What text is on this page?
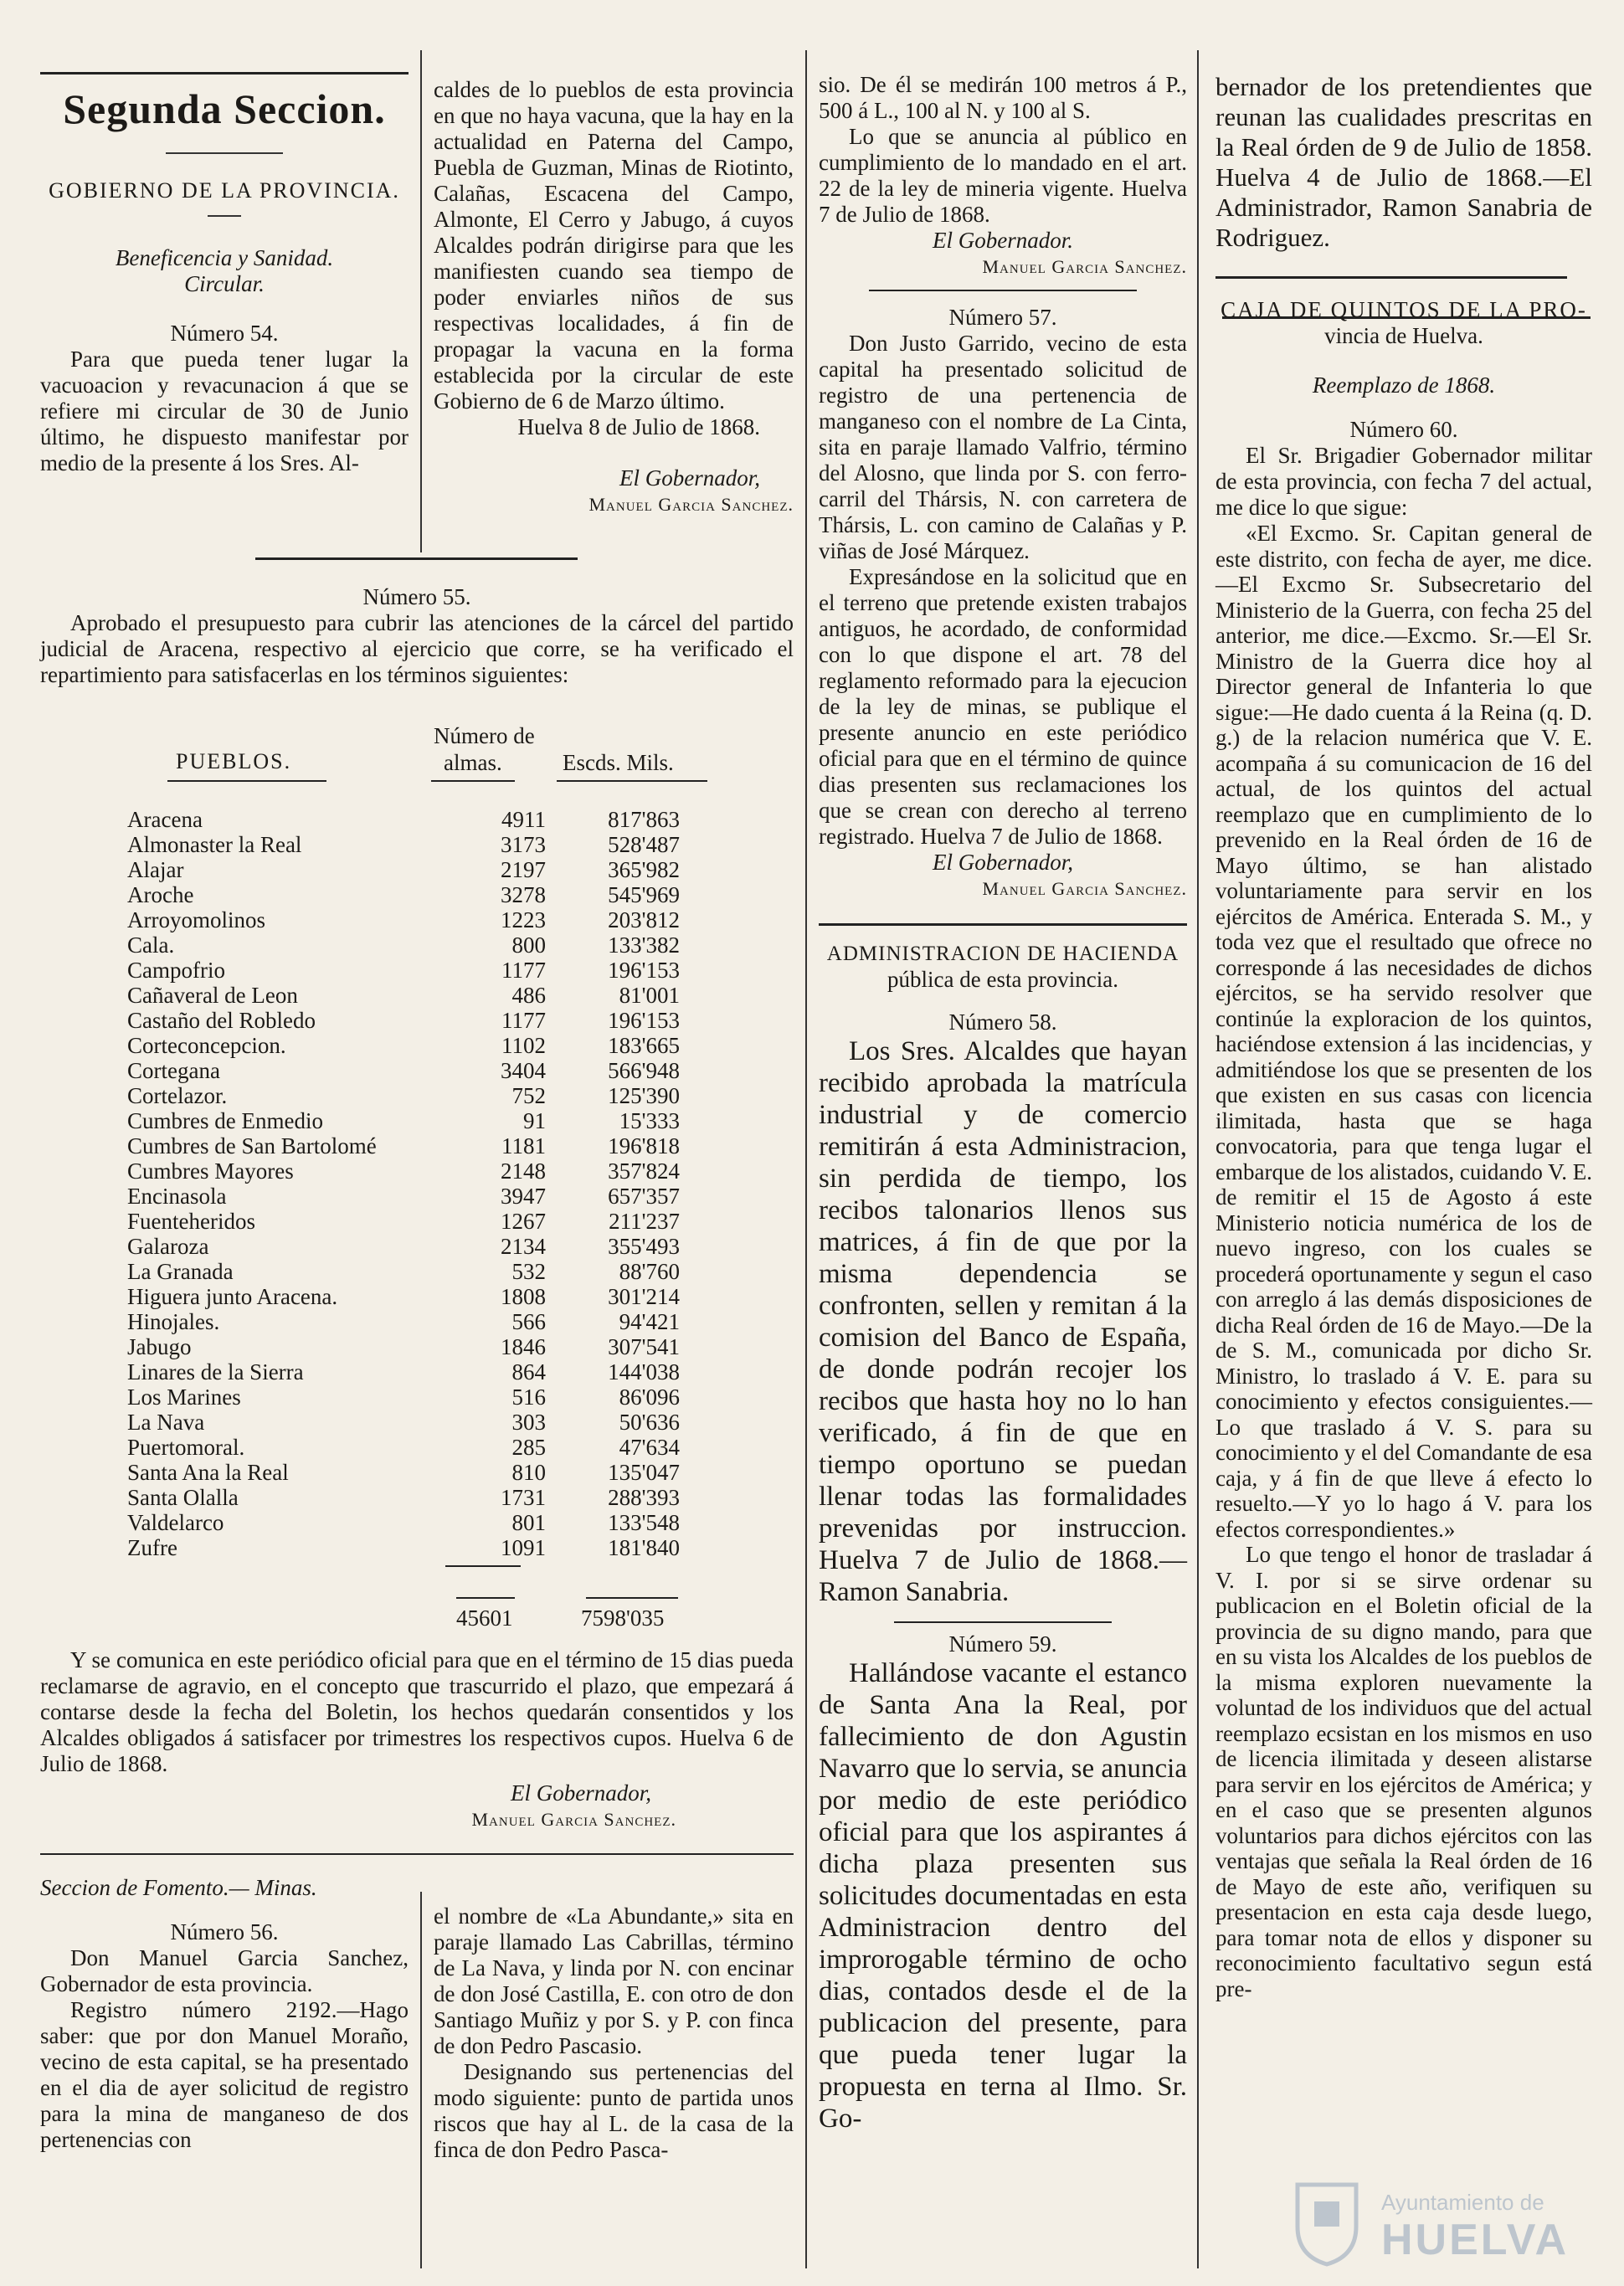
Segunda Seccion.
GOBIERNO DE LA PROVINCIA.
Beneficencia y Sanidad.
Circular.
Número 54.

Para que pueda tener lugar la vacuoacion y revacunacion á que se refiere mi circular de 30 de Junio último, he dispuesto manifestar por medio de la presente á los Sres. Al-

caldes de lo pueblos de esta provincia en que no haya vacuna, que la hay en la actualidad en Paterna del Campo, Puebla de Guzman, Minas de Riotinto, Calañas, Escacena del Campo, Almonte, El Cerro y Jabugo, á cuyos Alcaldes podrán dirigirse para que les manifiesten cuando sea tiempo de poder enviarles niños de sus respectivas localidades, á fin de propagar la vacuna en la forma establecida por la circular de este Gobierno de 6 de Marzo último.

Huelva 8 de Julio de 1868.

El Gobernador,

Manuel Garcia Sanchez.

Número 55.

Aprobado el presupuesto para cubrir las atenciones de la cárcel del partido judicial de Aracena, respectivo al ejercicio que corre, se ha verificado el repartimiento para satisfacerlas en los términos siguientes:

PUEBLOS.
Número de
almas.	Escds. Mils.
Aracena	4911	817'863
Almonaster la Real	3173	528'487
Alajar	2197	365'982
Aroche	3278	545'969
Arroyomolinos	1223	203'812
Cala.	800	133'382
Campofrio	1177	196'153
Cañaveral de Leon	486	81'001
Castaño del Robledo	1177	196'153
Corteconcepcion.	1102	183'665
Cortegana	3404	566'948
Cortelazor.	752	125'390
Cumbres de Enmedio	91	15'333
Cumbres de San Bartolomé	1181	196'818
Cumbres Mayores	2148	357'824
Encinasola	3947	657'357
Fuenteheridos	1267	211'237
Galaroza	2134	355'493
La Granada	532	88'760
Higuera junto Aracena.	1808	301'214
Hinojales.	566	94'421
Jabugo	1846	307'541
Linares de la Sierra	864	144'038
Los Marines	516	86'096
La Nava	303	50'636
Puertomoral.	285	47'634
Santa Ana la Real	810	135'047
Santa Olalla	1731	288'393
Valdelarco	801	133'548
Zufre	1091	181'840
45601	7598'035

Y se comunica en este periódico oficial para que en el término de 15 dias pueda reclamarse de agravio, en el concepto que trascurrido el plazo, que empezará á contarse desde la fecha del Boletin, los hechos quedarán consentidos y los Alcaldes obligados á satisfacer por trimestres los respectivos cupos. Huelva 6 de Julio de 1868.

El Gobernador,

Manuel Garcia Sanchez.

Seccion de Fomento.— Minas.

Número 56.

Don Manuel Garcia Sanchez, Gobernador de esta provincia.

Registro número 2192.—Hago saber: que por don Manuel Moraño, vecino de esta capital, se ha presentado en el dia de ayer solicitud de registro para la mina de manganeso de dos pertenencias con

el nombre de «La Abundante,» sita en paraje llamado Las Cabrillas, término de La Nava, y linda por N. con encinar de don José Castilla, E. con otro de don Santiago Muñiz y por S. y P. con finca de don Pedro Pascasio.

Designando sus pertenencias del modo siguiente: punto de partida unos riscos que hay al L. de la casa de la finca de don Pedro Pasca-

sio. De él se medirán 100 metros á P., 500 á L., 100 al N. y 100 al S.

Lo que se anuncia al público en cumplimiento de lo mandado en el art. 22 de la ley de mineria vigente. Huelva 7 de Julio de 1868.

El Gobernador.

Manuel Garcia Sanchez.

Número 57.

Don Justo Garrido, vecino de esta capital ha presentado solicitud de registro de una pertenencia de manganeso con el nombre de La Cinta, sita en paraje llamado Valfrio, término del Alosno, que linda por S. con ferro-carril del Thársis, N. con carretera de Thársis, L. con camino de Calañas y P. viñas de José Márquez.

Expresándose en la solicitud que en el terreno que pretende existen trabajos antiguos, he acordado, de conformidad con lo que dispone el art. 78 del reglamento reformado para la ejecucion de la ley de minas, se publique el presente anuncio en este periódico oficial para que en el término de quince dias presenten sus reclamaciones los que se crean con derecho al terreno registrado. Huelva 7 de Julio de 1868.

El Gobernador,

Manuel Garcia Sanchez.

ADMINISTRACION DE HACIENDA
pública de esta provincia.
Número 58.

Los Sres. Alcaldes que hayan recibido aprobada la matrícula industrial y de comercio remitirán á esta Administracion, sin perdida de tiempo, los recibos talonarios llenos sus matrices, á fin de que por la misma dependencia se confronten, sellen y remitan á la comision del Banco de España, de donde podrán recojer los recibos que hasta hoy no lo han verificado, á fin de que en tiempo oportuno se puedan llenar todas las formalidades prevenidas por instruccion. Huelva 7 de Julio de 1868.—Ramon Sanabria.

Número 59.

Hallándose vacante el estanco de Santa Ana la Real, por fallecimiento de don Agustin Navarro que lo servia, se anuncia por medio de este periódico oficial para que los aspirantes á dicha plaza presenten sus solicitudes documentadas en esta Administracion dentro del improrogable término de ocho dias, contados desde el de la publicacion del presente, para que pueda tener lugar la propuesta en terna al Ilmo. Sr. Go-

bernador de los pretendientes que reunan las cualidades prescritas en la Real órden de 9 de Julio de 1858. Huelva 4 de Julio de 1868.—El Administrador, Ramon Sanabria de Rodriguez.

CAJA DE QUINTOS DE LA PRO-
vincia de Huelva.
Reemplazo de 1868.
Número 60.

El Sr. Brigadier Gobernador militar de esta provincia, con fecha 7 del actual, me dice lo que sigue:

«El Excmo. Sr. Capitan general de este distrito, con fecha de ayer, me dice.—El Excmo Sr. Subsecretario del Ministerio de la Guerra, con fecha 25 del anterior, me dice.—Excmo. Sr.—El Sr. Ministro de la Guerra dice hoy al Director general de Infanteria lo que sigue:—He dado cuenta á la Reina (q. D. g.) de la relacion numérica que V. E. acompaña á su comunicacion de 16 del actual, de los quintos del actual reemplazo que en cumplimiento de lo prevenido en la Real órden de 16 de Mayo último, se han alistado voluntariamente para servir en los ejércitos de América. Enterada S. M., y toda vez que el resultado que ofrece no corresponde á las necesidades de dichos ejércitos, se ha servido resolver que continúe la exploracion de los quintos, haciéndose extension á las incidencias, y admitiéndose los que se presenten de los que existen en sus casas con licencia ilimitada, hasta que se haga convocatoria, para que tenga lugar el embarque de los alistados, cuidando V. E. de remitir el 15 de Agosto á este Ministerio noticia numérica de los de nuevo ingreso, con los cuales se procederá oportunamente y segun el caso con arreglo á las demás disposiciones de dicha Real órden de 16 de Mayo.—De la de S. M., comunicada por dicho Sr. Ministro, lo traslado á V. E. para su conocimiento y efectos consiguientes.—Lo que traslado á V. S. para su conocimiento y el del Comandante de esa caja, y á fin de que lleve á efecto lo resuelto.—Y yo lo hago á V. para los efectos correspondientes.»

Lo que tengo el honor de trasladar á V. I. por si se sirve ordenar su publicacion en el Boletin oficial de la provincia de su digno mando, para que en su vista los Alcaldes de los pueblos de la misma exploren nuevamente la voluntad de los individuos que del actual reemplazo ecsistan en los mismos en uso de licencia ilimitada y deseen alistarse para servir en los ejércitos de América; y en el caso que se presenten algunos voluntarios para dichos ejércitos con las ventajas que señala la Real órden de 16 de Mayo de este año, verifiquen su presentacion en esta caja desde luego, para tomar nota de ellos y disponer su reconocimiento facultativo segun está pre-

Ayuntamiento de
HUELVA
